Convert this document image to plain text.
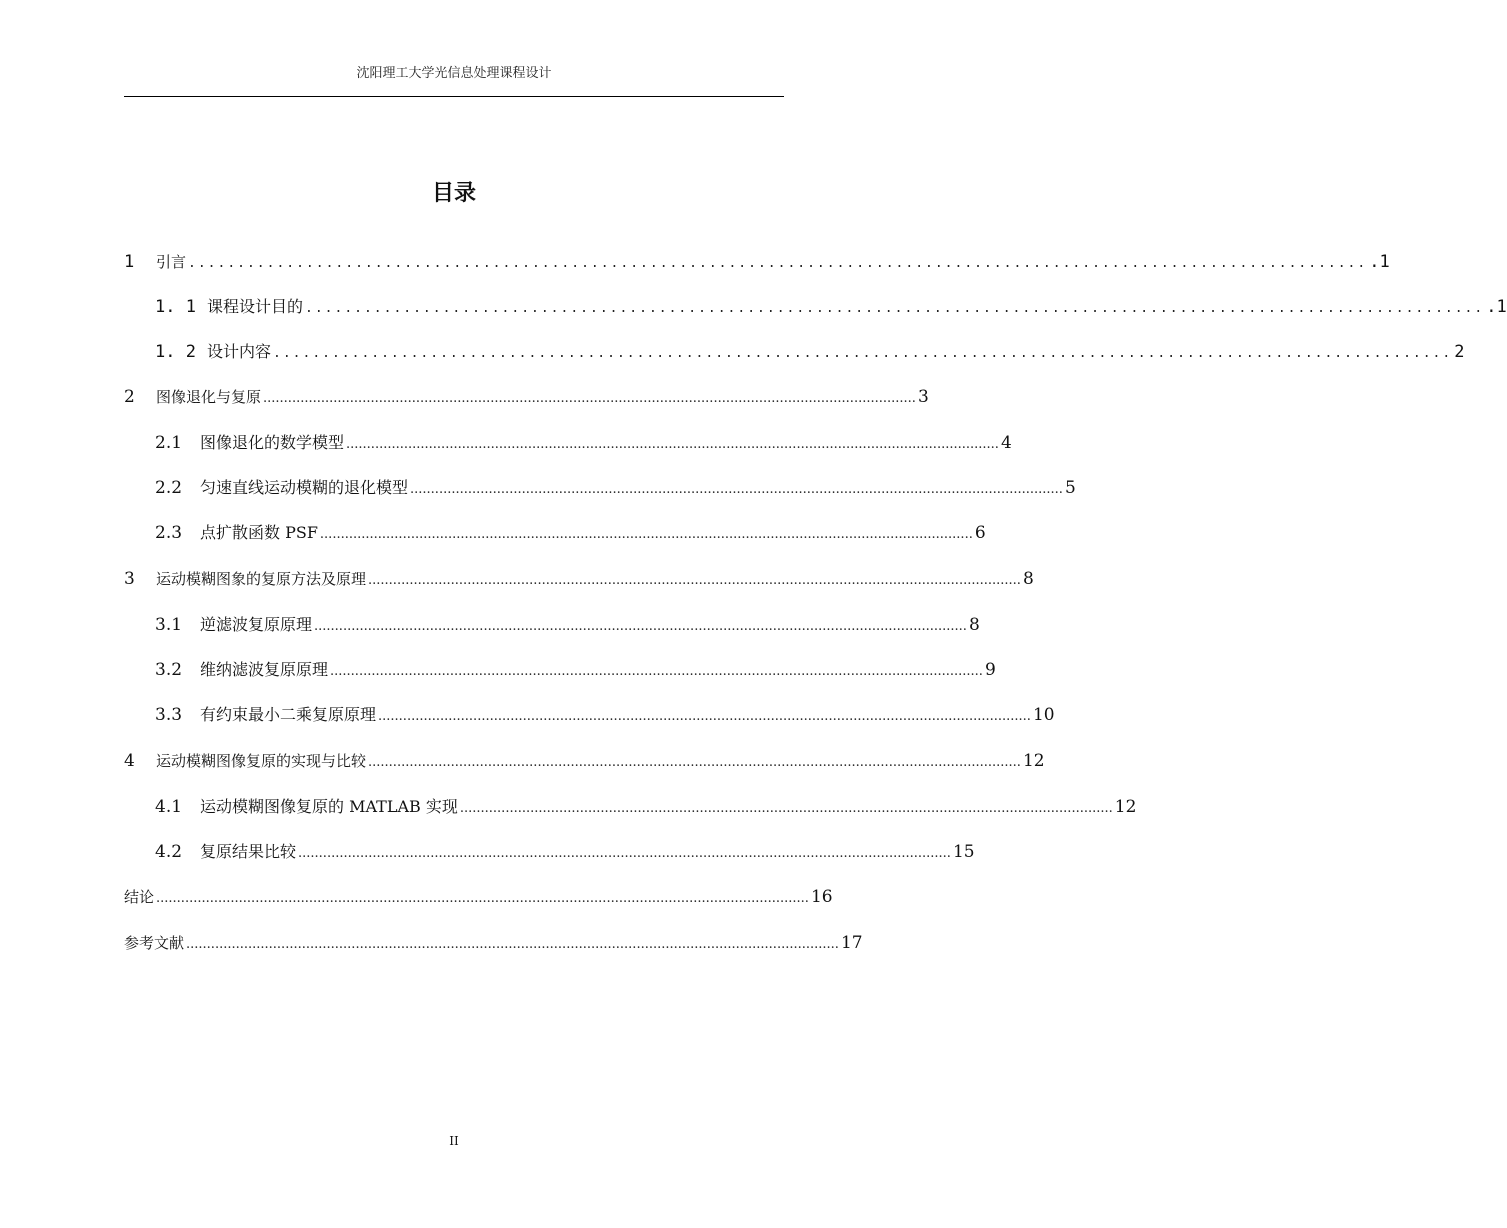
沈阳理工大学光信息处理课程设计
目录
1	引言 ........................................................................................................................ .1
1. 1 课程设计目的 ........................................................................................................................ .1
1. 2 设计内容 ........................................................................................................................ 2
2	图像退化与复原 .............................................................................................................................................................. 3
2.1	图像退化的数学模型 .............................................................................................................................................................. 4
2.2	匀速直线运动模糊的退化模型 .............................................................................................................................................................. 5
2.3	点扩散函数 PSF .............................................................................................................................................................. 6
3	运动模糊图象的复原方法及原理 .............................................................................................................................................................. 8
3.1	逆滤波复原原理 .............................................................................................................................................................. 8
3.2	维纳滤波复原原理 .............................................................................................................................................................. 9
3.3	有约束最小二乘复原原理 .............................................................................................................................................................. 10
4	运动模糊图像复原的实现与比较 .............................................................................................................................................................. 12
4.1	运动模糊图像复原的 MATLAB 实现 .............................................................................................................................................................. 12
4.2	复原结果比较 .............................................................................................................................................................. 15
结论 .............................................................................................................................................................. 16
参考文献 .............................................................................................................................................................. 17
II
